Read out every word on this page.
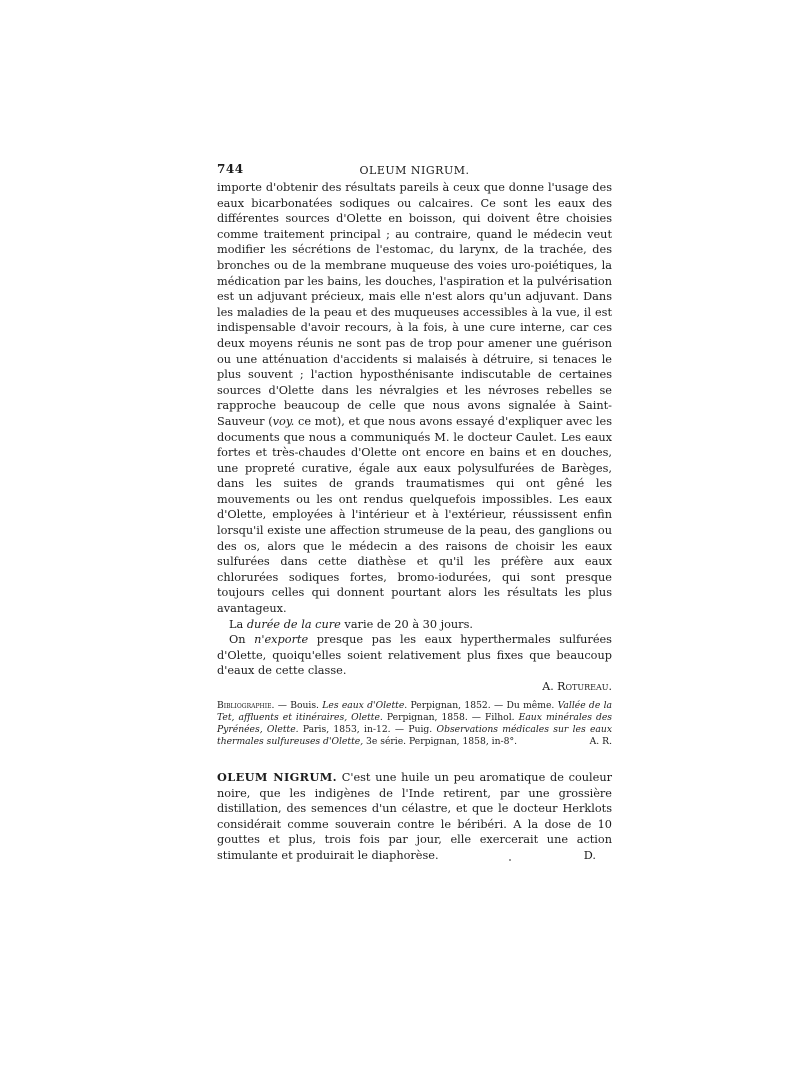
744	OLEUM NIGRUM.

importe d'obtenir des résultats pareils à ceux que donne l'usage des eaux bicarbonatées sodiques ou calcaires. Ce sont les eaux des différentes sources d'Olette en boisson, qui doivent être choisies comme traitement principal ; au contraire, quand le médecin veut modifier les sécrétions de l'estomac, du larynx, de la trachée, des bronches ou de la membrane muqueuse des voies uro-poiétiques, la médication par les bains, les douches, l'aspiration et la pulvérisation est un adjuvant précieux, mais elle n'est alors qu'un adjuvant. Dans les maladies de la peau et des muqueuses accessibles à la vue, il est indispensable d'avoir recours, à la fois, à une cure interne, car ces deux moyens réunis ne sont pas de trop pour amener une guérison ou une atténuation d'accidents si malaisés à détruire, si tenaces le plus souvent ; l'action hyposthénisante indiscutable de certaines sources d'Olette dans les névralgies et les névroses rebelles se rapproche beaucoup de celle que nous avons signalée à Saint-Sauveur (voy. ce mot), et que nous avons essayé d'expliquer avec les documents que nous a communiqués M. le docteur Caulet. Les eaux fortes et très-chaudes d'Olette ont encore en bains et en douches, une propreté curative, égale aux eaux polysulfurées de Barèges, dans les suites de grands traumatismes qui ont gêné les mouvements ou les ont rendus quelquefois impossibles. Les eaux d'Olette, employées à l'intérieur et à l'extérieur, réussissent enfin lorsqu'il existe une affection strumeuse de la peau, des ganglions ou des os, alors que le médecin a des raisons de choisir les eaux sulfurées dans cette diathèse et qu'il les préfère aux eaux chlorurées sodiques fortes, bromo-iodurées, qui sont presque toujours celles qui donnent pourtant alors les résultats les plus avantageux.

La durée de la cure varie de 20 à 30 jours.

On n'exporte presque pas les eaux hyperthermales sulfurées d'Olette, quoiqu'elles soient relativement plus fixes que beaucoup d'eaux de cette classe.

A. Rotureau.

Bibliographie. — Bouis. Les eaux d'Olette. Perpignan, 1852. — Du même. Vallée de la Tet, affluents et itinéraires, Olette. Perpignan, 1858. — Filhol. Eaux minérales des Pyrénées, Olette. Paris, 1853, in-12. — Puig. Observations médicales sur les eaux thermales sulfureuses d'Olette, 3e série. Perpignan, 1858, in-8°.	A. R.

OLEUM NIGRUM. C'est une huile un peu aromatique de couleur noire, que les indigènes de l'Inde retirent, par une grossière distillation, des semences d'un célastre, et que le docteur Herklots considérait comme souverain contre le béribéri. A la dose de 10 gouttes et plus, trois fois par jour, elle exercerait une action stimulante et produirait le diaphorèse.	D.
